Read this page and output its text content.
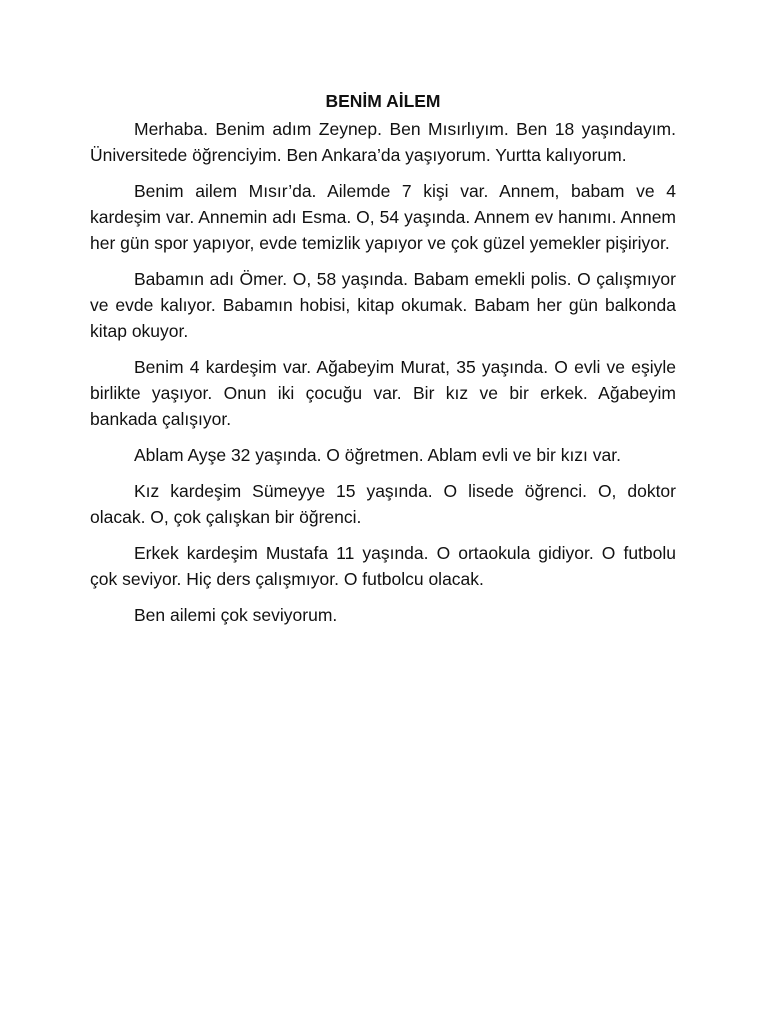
BENİM AİLEM

Merhaba. Benim adım Zeynep. Ben Mısırlıyım. Ben 18 yaşındayım. Üniversitede öğrenciyim. Ben Ankara’da yaşıyorum. Yurtta kalıyorum.

Benim ailem Mısır’da. Ailemde 7 kişi var. Annem, babam ve 4 kardeşim var. Annemin adı Esma. O, 54 yaşında. Annem ev hanımı. Annem her gün spor yapıyor, evde temizlik yapıyor ve çok güzel yemekler pişiriyor.

Babamın adı Ömer. O, 58 yaşında. Babam emekli polis. O çalışmıyor ve evde kalıyor. Babamın hobisi, kitap okumak. Babam her gün balkonda kitap okuyor.

Benim 4 kardeşim var. Ağabeyim Murat, 35 yaşında. O evli ve eşiyle birlikte yaşıyor. Onun iki çocuğu var. Bir kız ve bir erkek. Ağabeyim bankada çalışıyor.

Ablam Ayşe 32 yaşında. O öğretmen. Ablam evli ve bir kızı var.

Kız kardeşim Sümeyye 15 yaşında. O lisede öğrenci. O, doktor olacak. O, çok çalışkan bir öğrenci.

Erkek kardeşim Mustafa 11 yaşında. O ortaokula gidiyor. O futbolu çok seviyor. Hiç ders çalışmıyor. O futbolcu olacak.

Ben ailemi çok seviyorum.
